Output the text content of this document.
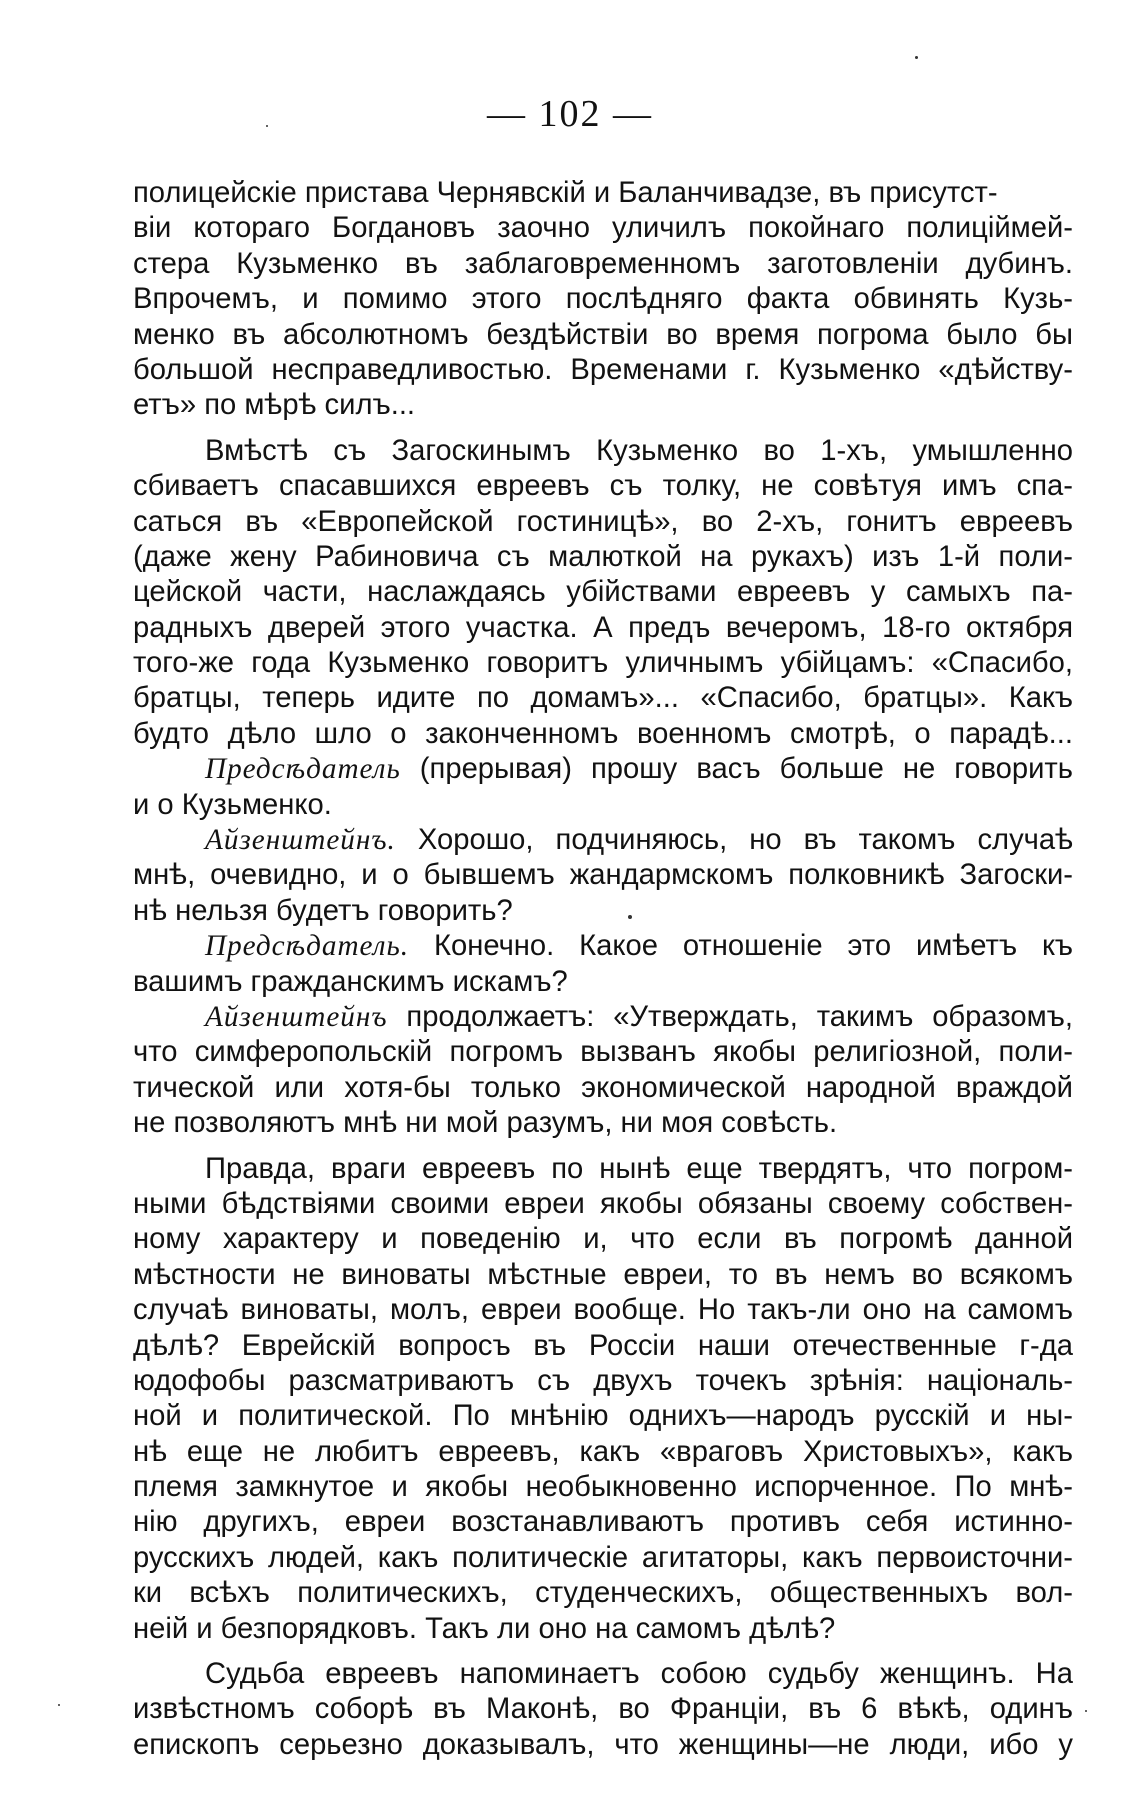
— 102 —
полицейскіе пристава Чернявскій и Баланчивадзе, въ присутст-
віи котораго Богдановъ заочно уличилъ покойнаго полиціймей-
стера Кузьменко въ заблаговременномъ заготовленіи дубинъ.
Впрочемъ, и помимо этого послѣдняго факта обвинять Кузь-
менко въ абсолютномъ бездѣйствіи во время погрома было бы
большой несправедливостью. Временами г. Кузьменко «дѣйству-
етъ» по мѣрѣ силъ...
Вмѣстѣ съ Загоскинымъ Кузьменко во 1-хъ, умышленно
сбиваетъ спасавшихся евреевъ съ толку, не совѣтуя имъ спа-
саться въ «Европейской гостиницѣ», во 2-хъ, гонитъ евреевъ
(даже жену Рабиновича съ малюткой на рукахъ) изъ 1-й поли-
цейской части, наслаждаясь убійствами евреевъ у самыхъ па-
радныхъ дверей этого участка. А предъ вечеромъ, 18-го октября
того-же года Кузьменко говоритъ уличнымъ убійцамъ: «Спасибо,
братцы, теперь идите по домамъ»... «Спасибо, братцы». Какъ
будто дѣло шло о законченномъ военномъ смотрѣ, о парадѣ...
Предсѣдатель (прерывая) прошу васъ больше не говорить
и о Кузьменко.
Айзенштейнъ. Хорошо, подчиняюсь, но въ такомъ случаѣ
мнѣ, очевидно, и о бывшемъ жандармскомъ полковникѣ Загоски-
нѣ нельзя будетъ говорить?
Предсѣдатель. Конечно. Какое отношеніе это имѣетъ къ
вашимъ гражданскимъ искамъ?
Айзенштейнъ продолжаетъ: «Утверждать, такимъ образомъ,
что симферопольскій погромъ вызванъ якобы религіозной, поли-
тической или хотя-бы только экономической народной враждой
не позволяютъ мнѣ ни мой разумъ, ни моя совѣсть.
Правда, враги евреевъ по нынѣ еще твердятъ, что погром-
ными бѣдствіями своими евреи якобы обязаны своему собствен-
ному характеру и поведенію и, что если въ погромѣ данной
мѣстности не виноваты мѣстные евреи, то въ немъ во всякомъ
случаѣ виноваты, молъ, евреи вообще. Но такъ-ли оно на самомъ
дѣлѣ? Еврейскій вопросъ въ Россіи наши отечественные г-да
юдофобы разсматриваютъ съ двухъ точекъ зрѣнія: національ-
ной и политической. По мнѣнію однихъ—народъ русскій и ны-
нѣ еще не любитъ евреевъ, какъ «враговъ Христовыхъ», какъ
племя замкнутое и якобы необыкновенно испорченное. По мнѣ-
нію другихъ, евреи возстанавливаютъ противъ себя истинно-
русскихъ людей, какъ политическіе агитаторы, какъ первоисточни-
ки всѣхъ политическихъ, студенческихъ, общественныхъ вол-
неій и безпорядковъ. Такъ ли оно на самомъ дѣлѣ?
Судьба евреевъ напоминаетъ собою судьбу женщинъ. На
извѣстномъ соборѣ въ Маконѣ, во Франціи, въ 6 вѣкѣ, одинъ
епископъ серьезно доказывалъ, что женщины—не люди, ибо у
